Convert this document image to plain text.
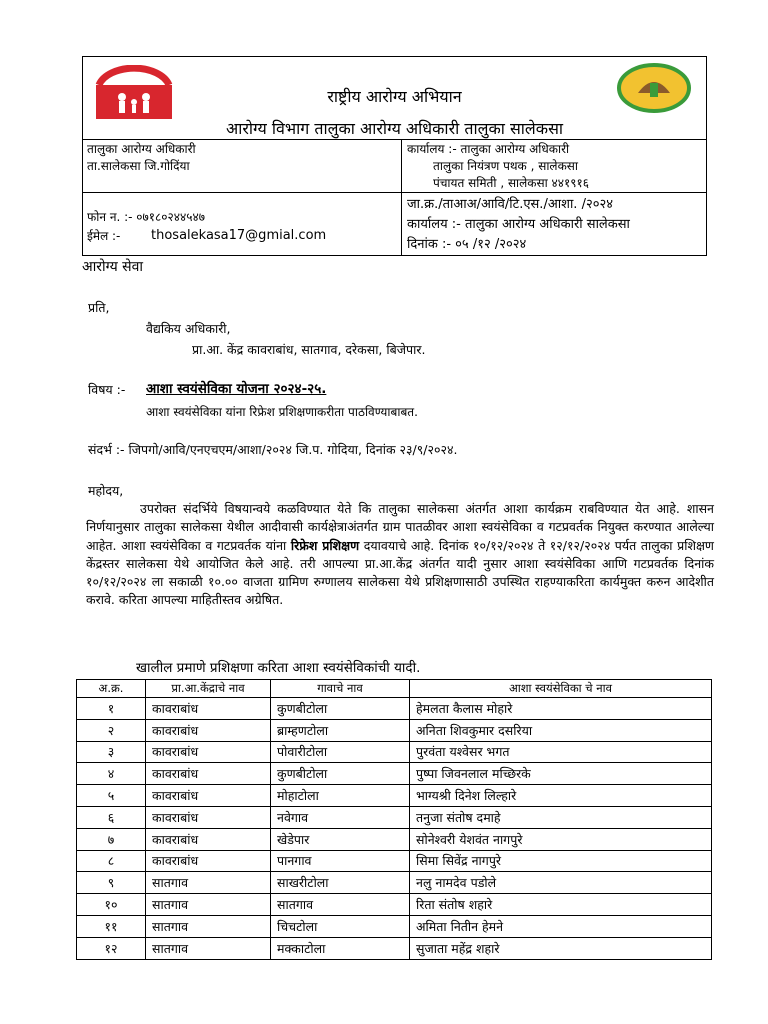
राष्ट्रीय आरोग्य अभियान
आरोग्य विभाग तालुका आरोग्य अधिकारी तालुका सालेकसा
तालुका आरोग्य अधिकारी
ता.सालेकसा जि.गोदिंया
कार्यालय :- तालुका आरोग्य अधिकारी
तालुका नियंत्रण पथक , सालेकसा
पंचायत समिती , सालेकसा ४४१९१६
फोन न. :- ०७१८०२४४५४७
ईमेल :- thosalekasa17@gmial.com
जा.क्र./ताआअ/आवि/टि.एस./आशा. /२०२४
कार्यालय :- तालुका आरोग्य अधिकारी सालेकसा
दिनांक :- ०५ /१२ /२०२४
आरोग्य सेवा
प्रति,
वैद्यकिय अधिकारी,
प्रा.आ. केंद्र कावराबांध, सातगाव, दरेकसा, बिजेपार.
विषय :- आशा स्वयंसेविका योजना २०२४-२५.
आशा स्वयंसेविका यांना रिफ्रेश प्रशिक्षणाकरीता पाठविण्याबाबत.
संदर्भ :- जिपगो/आवि/एनएचएम/आशा/२०२४ जि.प. गोदिया, दिनांक २३/९/२०२४.
महोदय,
उपरोक्त संदर्भिये विषयान्वये कळविण्यात येते कि तालुका सालेकसा अंतर्गत आशा कार्यक्रम राबविण्यात येत आहे. शासन निर्णयानुसार तालुका सालेकसा येथील आदीवासी कार्यक्षेत्राअंतर्गत ग्राम पातळीवर आशा स्वयंसेविका व गटप्रवर्तक नियुक्त करण्यात आलेल्या आहेत. आशा स्वयंसेविका व गटप्रवर्तक यांना रिफ्रेश प्रशिक्षण दयावयाचे आहे. दिनांक १०/१२/२०२४ ते १२/१२/२०२४ पर्यत तालुका प्रशिक्षण केंद्रस्तर सालेकसा येथे आयोजित केले आहे. तरी आपल्या प्रा.आ.केंद्र अंतर्गत यादी नुसार आशा स्वयंसेविका आणि गटप्रवर्तक दिनांक १०/१२/२०२४ ला सकाळी १०.०० वाजता ग्रामिण रुग्णालय सालेकसा येथे प्रशिक्षणासाठी उपस्थित राहण्याकरिता कार्यमुक्त करुन आदेशीत करावे. करिता आपल्या माहितीस्तव अग्रेषित.
खालील प्रमाणे प्रशिक्षणा करिता आशा स्वयंसेविकांची यादी.
अ.क्र.	प्रा.आ.केंद्राचे नाव	गावाचे नाव	आशा स्वयंसेविका चे नाव
१	कावराबांध	कुणबीटोला	हेमलता कैलास मोहारे
२	कावराबांध	ब्राम्हणटोला	अनिता शिवकुमार दसरिया
३	कावराबांध	पोवारीटोला	पुरवंता यश्वेसर भगत
४	कावराबांध	कुणबीटोला	पुष्पा जिवनलाल मच्छिरके
५	कावराबांध	मोहाटोला	भाग्यश्री दिनेश लिल्हारे
६	कावराबांध	नवेगाव	तनुजा संतोष दमाहे
७	कावराबांध	खेडेपार	सोनेश्वरी येशवंत नागपुरे
८	कावराबांध	पानगाव	सिमा सिवेंद्र नागपुरे
९	सातगाव	साखरीटोला	नलु नामदेव पडोले
१०	सातगाव	सातगाव	रिता संतोष शहारे
११	सातगाव	चिचटोला	अमिता नितीन हेमने
१२	सातगाव	मक्काटोला	सुजाता महेंद्र शहारे
